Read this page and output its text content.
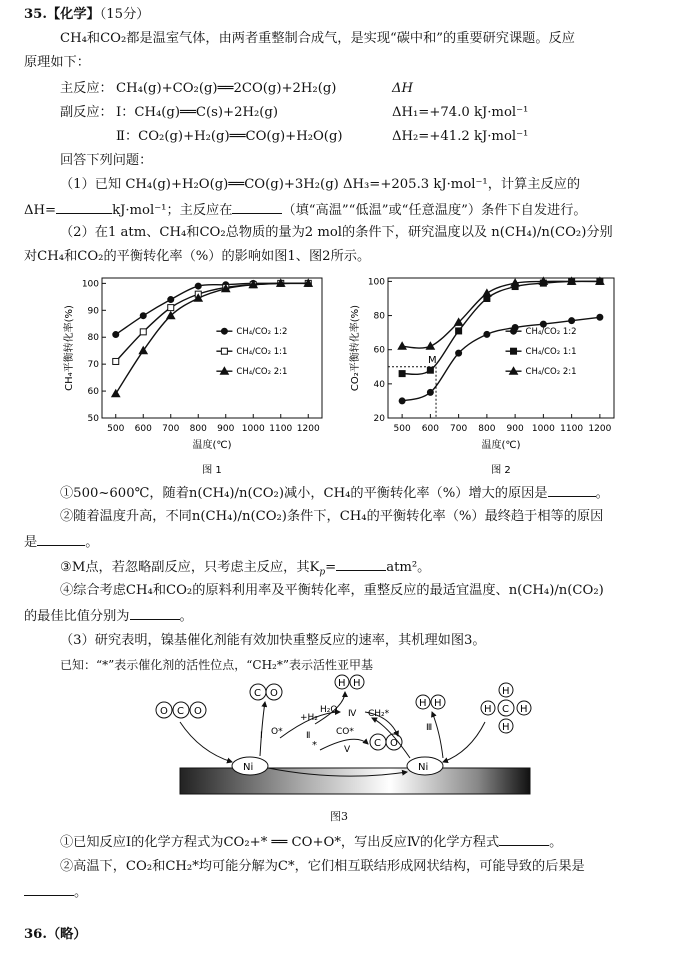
35.【化学】（15分）
CH₄和CO₂都是温室气体，由两者重整制合成气，是实现“碳中和”的重要研究课题。反应
原理如下：
主反应： CH₄(g)+CO₂(g)══2CO(g)+2H₂(g)	ΔH
副反应： Ⅰ：CH₄(g)══C(s)+2H₂(g)	ΔH₁=+74.0 kJ·mol⁻¹
Ⅱ：CO₂(g)+H₂(g)══CO(g)+H₂O(g)	ΔH₂=+41.2 kJ·mol⁻¹
回答下列问题：
（1）已知 CH₄(g)+H₂O(g)══CO(g)+3H₂(g) ΔH₃=+205.3 kJ·mol⁻¹，计算主反应的
ΔH=	kJ·mol⁻¹；主反应在	（填“高温”“低温”或“任意温度”）条件下自发进行。
（2）在1 atm、CH₄和CO₂总物质的量为2 mol的条件下，研究温度以及 n(CH₄)/n(CO₂)分别
对CH₄和CO₂的平衡转化率（%）的影响如图1、图2所示。
500 600 700 800 900 1000 1100 1200
50
60
70
80
90
100
温度(℃)
CH₄平衡转化率(%)
图 1
CH₄/CO₂ 1:2
CH₄/CO₂ 1:1
CH₄/CO₂ 2:1
500 600 700 800 900 1000 1100 1200
20
40
60
80
100
温度(℃)
CO₂平衡转化率(%)
图 2
CH₄/CO₂ 1:2
CH₄/CO₂ 1:1
CH₄/CO₂ 2:1
M
①500~600℃，随着n(CH₄)/n(CO₂)减小，CH₄的平衡转化率（%）增大的原因是	。
②随着温度升高，不同n(CH₄)/n(CO₂)条件下，CH₄的平衡转化率（%）最终趋于相等的原因
是	。
③M点，若忽略副反应，只考虑主反应，其$K_p=$	atm²。
④综合考虑CH₄和CO₂的原料利用率及平衡转化率，重整反应的最适宜温度、n(CH₄)/n(CO₂)
的最佳比值分别为	。
（3）研究表明，镍基催化剂能有效加快重整反应的速率，其机理如图3。
已知：“*”表示催化剂的活性位点，“CH₂*”表示活性亚甲基
Ni	Ni
O C O
C O
H H
H H
C
H
H
H	H
C O
Ⅰ O*
+H₂
Ⅱ
*
H₂O Ⅳ CH₂*
CO*
Ⅴ
Ⅲ
图3
①已知反应Ⅰ的化学方程式为CO₂+* ══ CO+O*，写出反应Ⅳ的化学方程式	。
②高温下，CO₂和CH₂*均可能分解为C*，它们相互联结形成网状结构，可能导致的后果是
。
36.（略）
